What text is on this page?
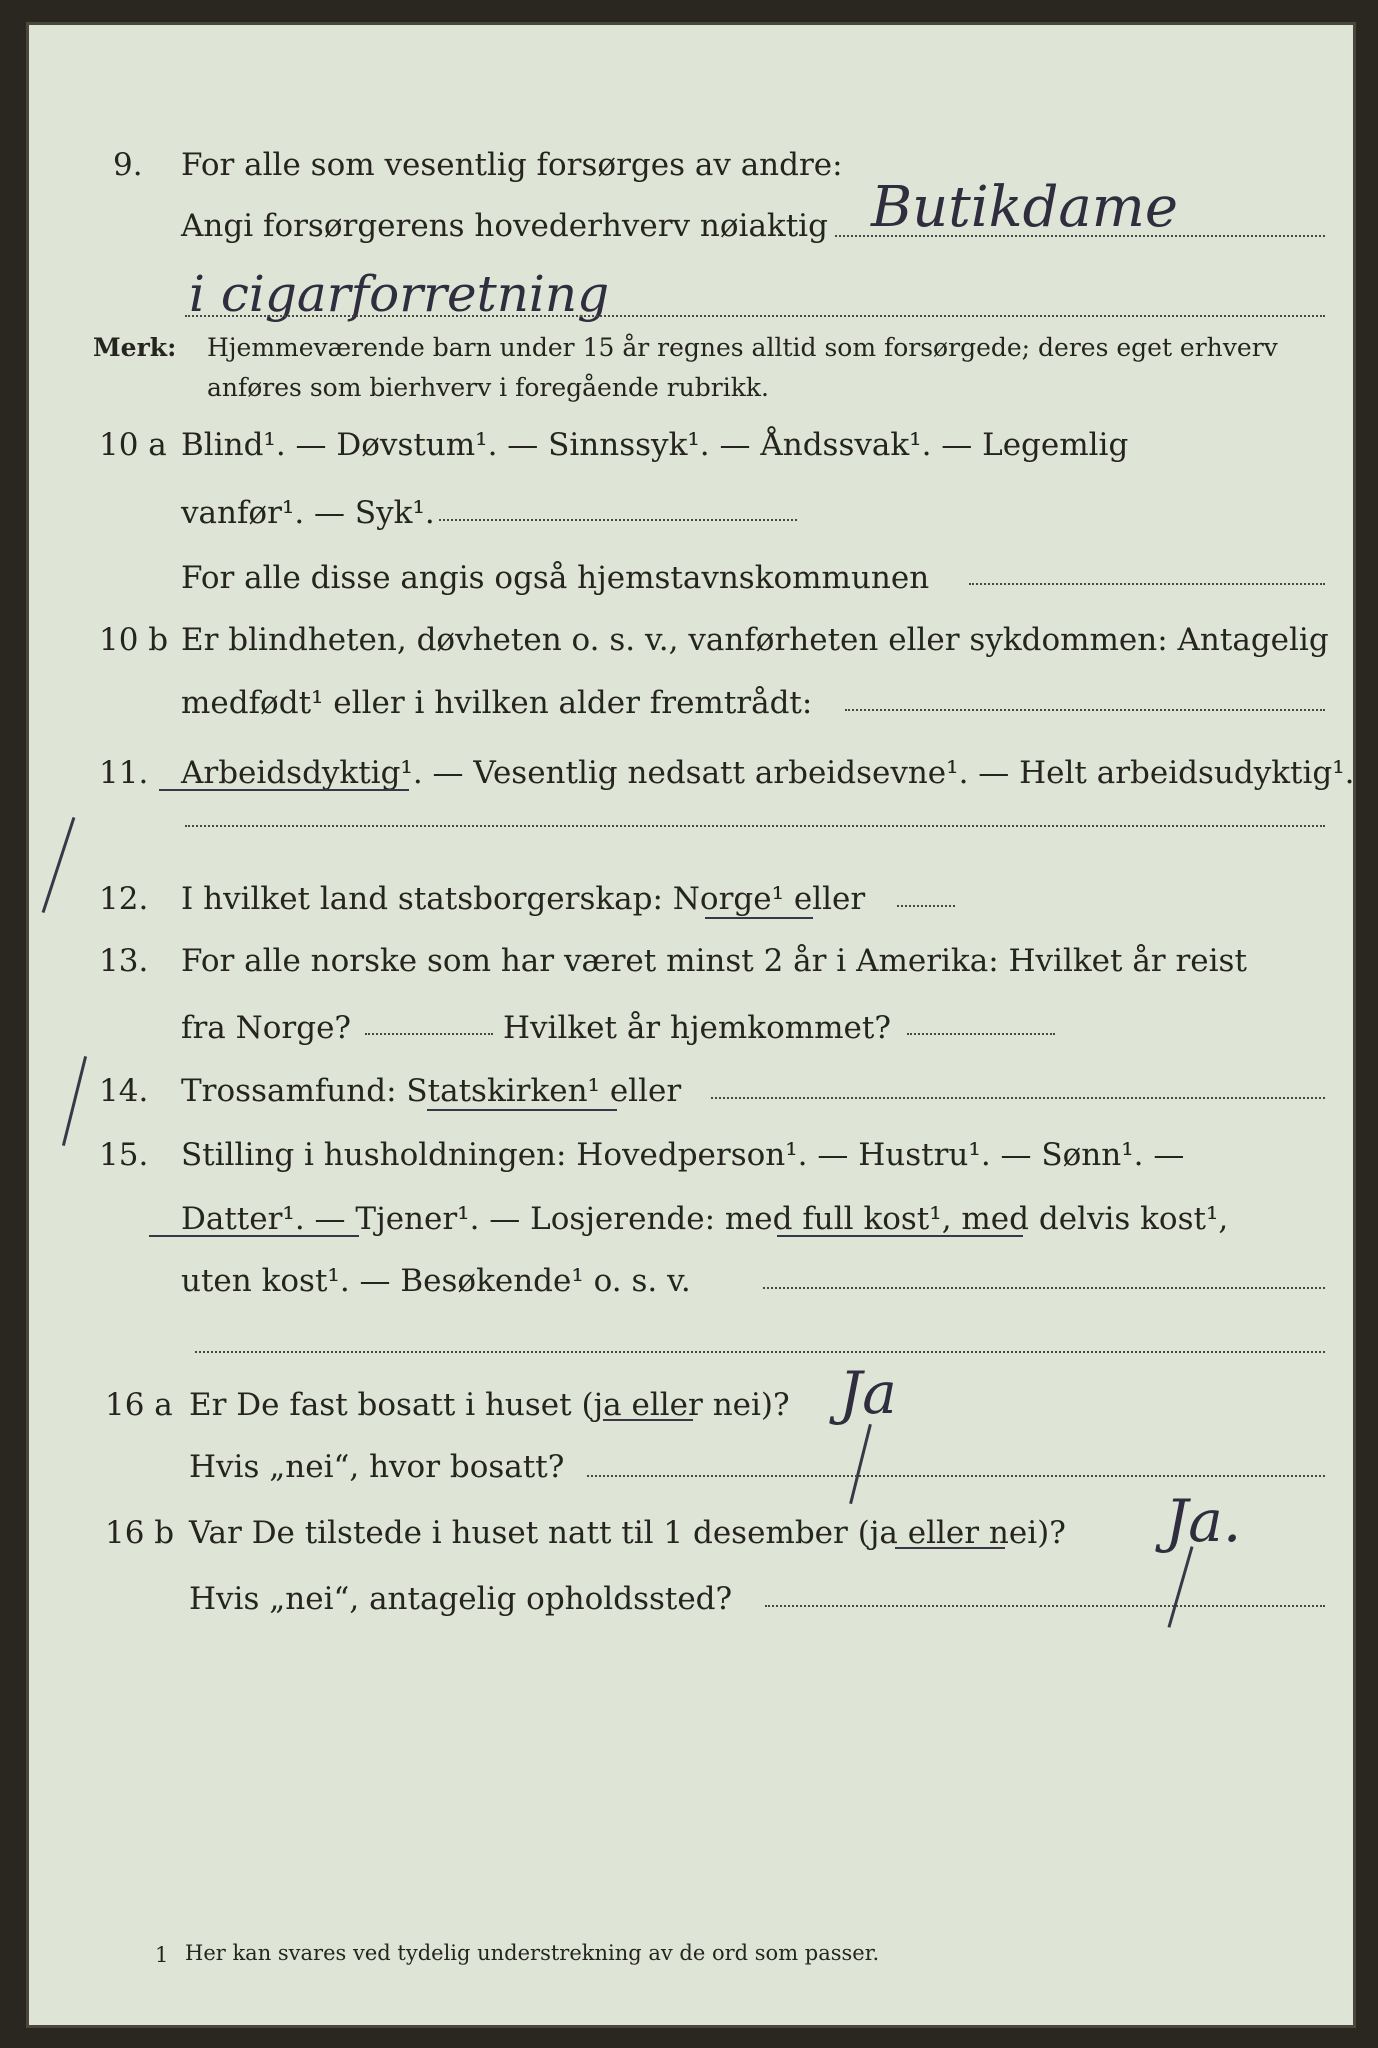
9. For alle som vesentlig forsørges av andre:
Angi forsørgerens hovederhverv nøiaktig Butikdame
i cigarforretning
Merk: Hjemmeværende barn under 15 år regnes alltid som forsørgede; deres eget erhverv
anføres som bierhverv i foregående rubrikk.
10 a Blind¹. — Døvstum¹. — Sinnssyk¹. — Åndssvak¹. — Legemlig
vanfør¹. — Syk¹.
For alle disse angis også hjemstavnskommunen
10 b Er blindheten, døvheten o. s. v., vanførheten eller sykdommen: Antagelig
medfødt¹ eller i hvilken alder fremtrådt:
11. Arbeidsdyktig¹. — Vesentlig nedsatt arbeidsevne¹. — Helt arbeidsudyktig¹.
12. I hvilket land statsborgerskap: Norge¹ eller
13. For alle norske som har været minst 2 år i Amerika: Hvilket år reist
fra Norge?	Hvilket år hjemkommet?
14. Trossamfund: Statskirken¹ eller
15. Stilling i husholdningen: Hovedperson¹. — Hustru¹. — Sønn¹. —
Datter¹. — Tjener¹. — Losjerende: med full kost¹, med delvis kost¹,
uten kost¹. — Besøkende¹ o. s. v.
16 a Er De fast bosatt i huset (ja eller nei)? Ja
Hvis „nei“, hvor bosatt?
16 b Var De tilstede i huset natt til 1 desember (ja eller nei)? Ja.
Hvis „nei“, antagelig opholdssted?
1 Her kan svares ved tydelig understrekning av de ord som passer.
